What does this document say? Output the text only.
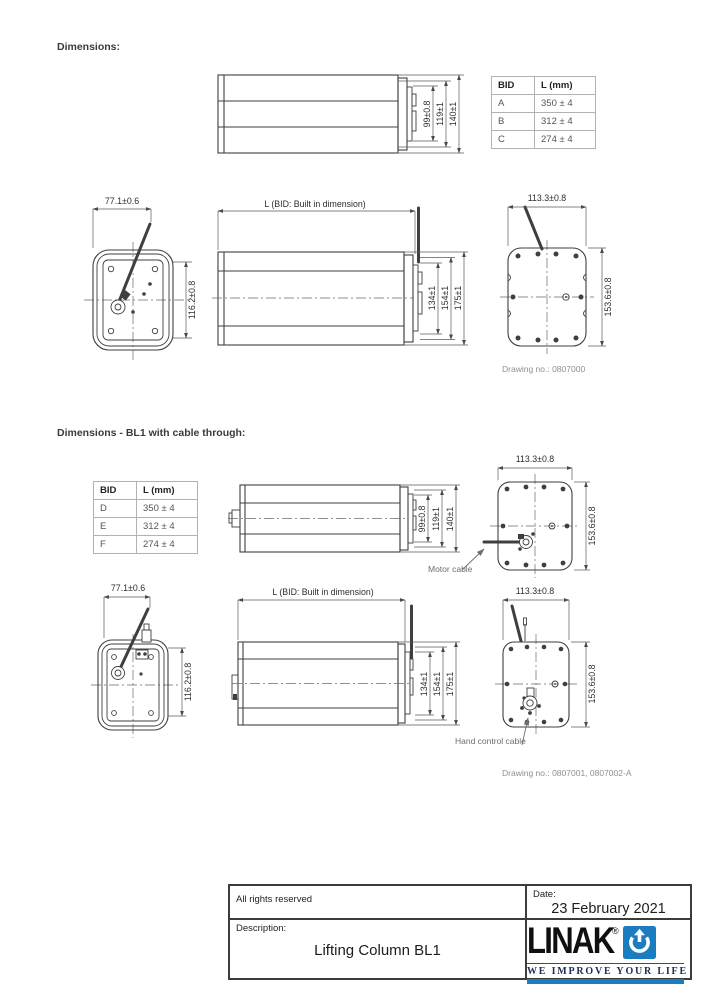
Dimensions:
99±0.8 119±1 140±1
BID	L (mm)
A	350 ± 4
B	312 ± 4
C	274 ± 4
77.1±0.6
116.2±0.8
L (BID: Built in dimension)
134±1 154±1 175±1
113.3±0.8
153.6±0.8
Drawing no.: 0807000
Dimensions - BL1 with cable through:
BID	L (mm)
D	350 ± 4
E	312 ± 4
F	274 ± 4
99±0.8 119±1 140±1
113.3±0.8
153.6±0.8
Motor cable
77.1±0.6
116.2±0.8
L (BID: Built in dimension)
134±1 154±1 175±1
113.3±0.8
153.6±0.8
Hand control cable
Drawing no.: 0807001, 0807002-A
All rights reserved	Date:
23 February 2021
Description:
Lifting Column BL1	LINAK
®
WE IMPROVE YOUR LIFE
